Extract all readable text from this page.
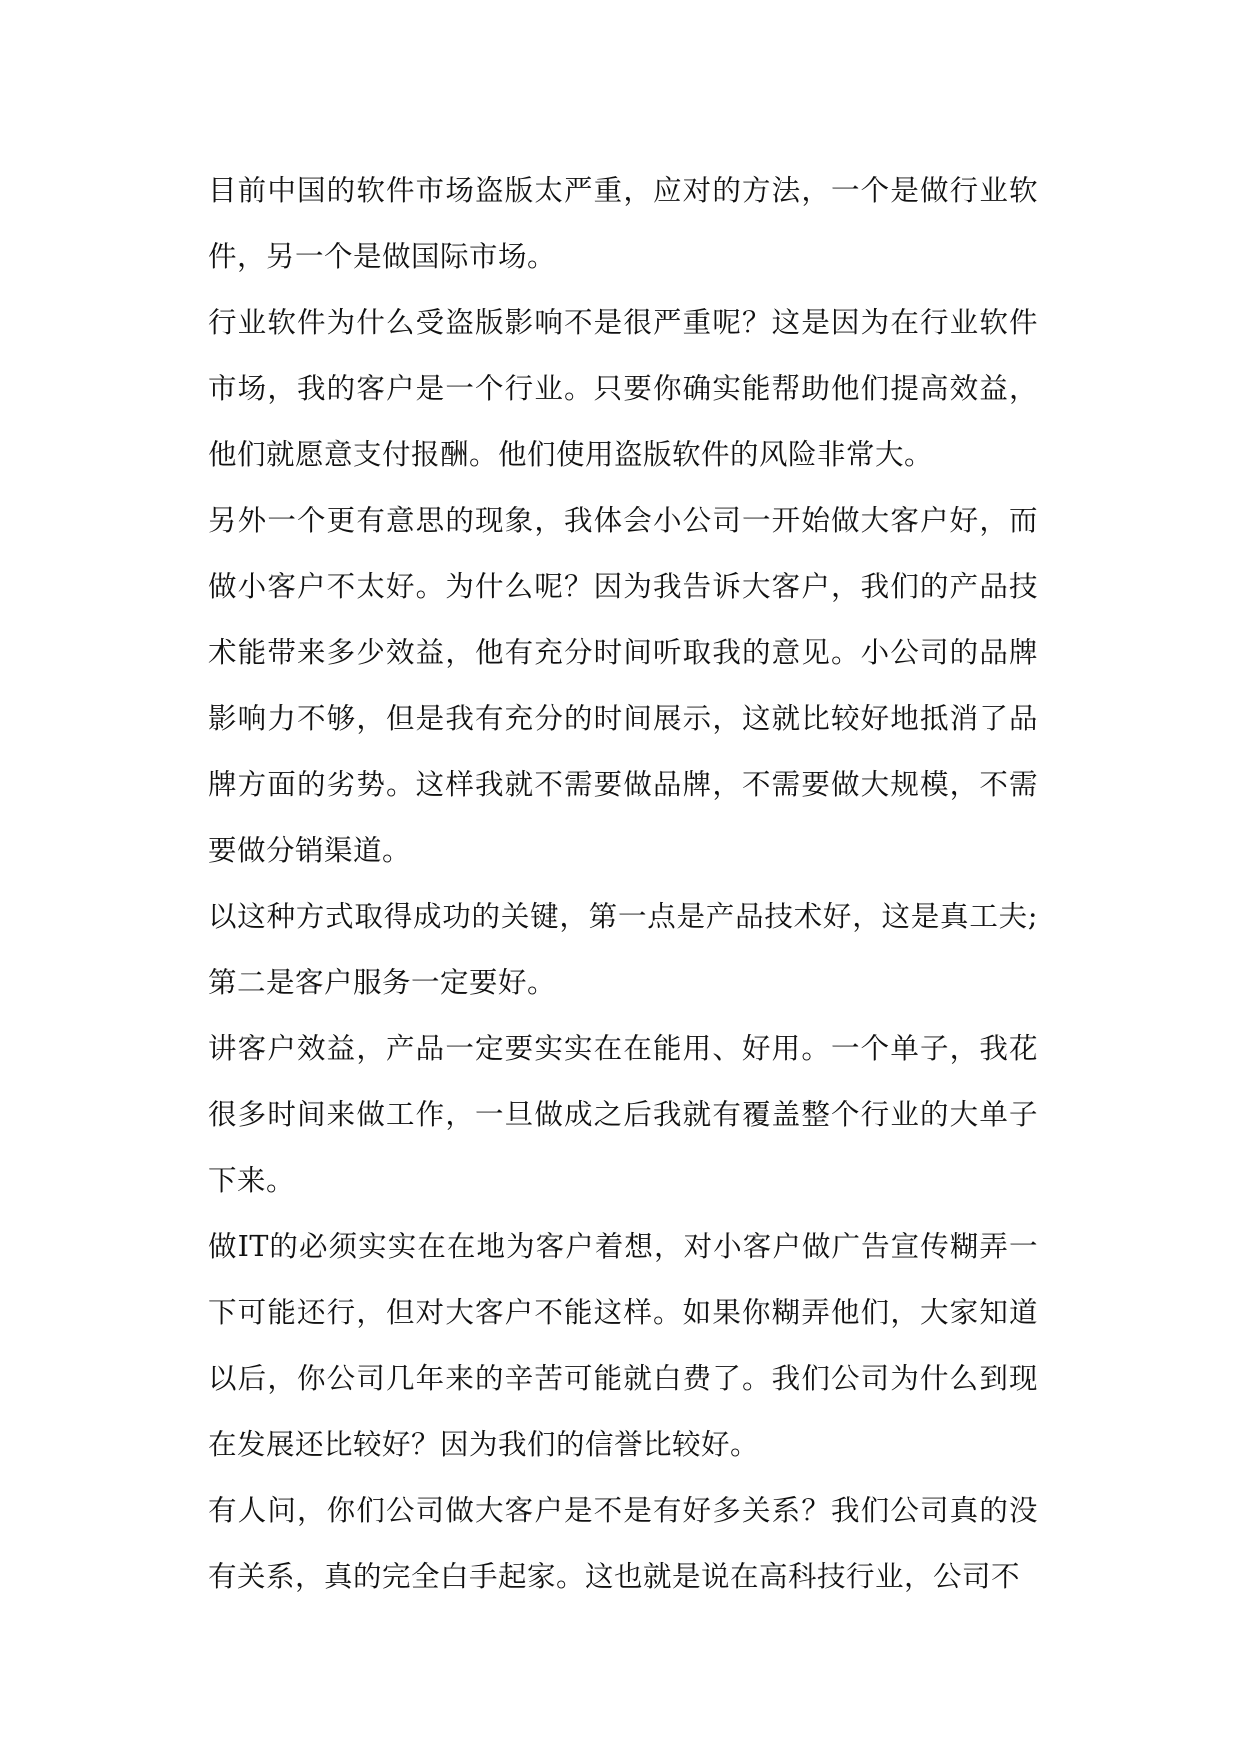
目前中国的软件市场盗版太严重，应对的方法，一个是做行业软件，另一个是做国际市场。

行业软件为什么受盗版影响不是很严重呢？这是因为在行业软件市场，我的客户是一个行业。只要你确实能帮助他们提高效益，他们就愿意支付报酬。他们使用盗版软件的风险非常大。

另外一个更有意思的现象，我体会小公司一开始做大客户好，而做小客户不太好。为什么呢？因为我告诉大客户，我们的产品技术能带来多少效益，他有充分时间听取我的意见。小公司的品牌影响力不够，但是我有充分的时间展示，这就比较好地抵消了品牌方面的劣势。这样我就不需要做品牌，不需要做大规模，不需要做分销渠道。

以这种方式取得成功的关键，第一点是产品技术好，这是真工夫;第二是客户服务一定要好。

讲客户效益，产品一定要实实在在能用、好用。一个单子，我花很多时间来做工作，一旦做成之后我就有覆盖整个行业的大单子下来。

做IT的必须实实在在地为客户着想，对小客户做广告宣传糊弄一下可能还行，但对大客户不能这样。如果你糊弄他们，大家知道以后，你公司几年来的辛苦可能就白费了。我们公司为什么到现在发展还比较好？因为我们的信誉比较好。

有人问，你们公司做大客户是不是有好多关系？我们公司真的没有关系，真的完全白手起家。这也就是说在高科技行业，公司不
